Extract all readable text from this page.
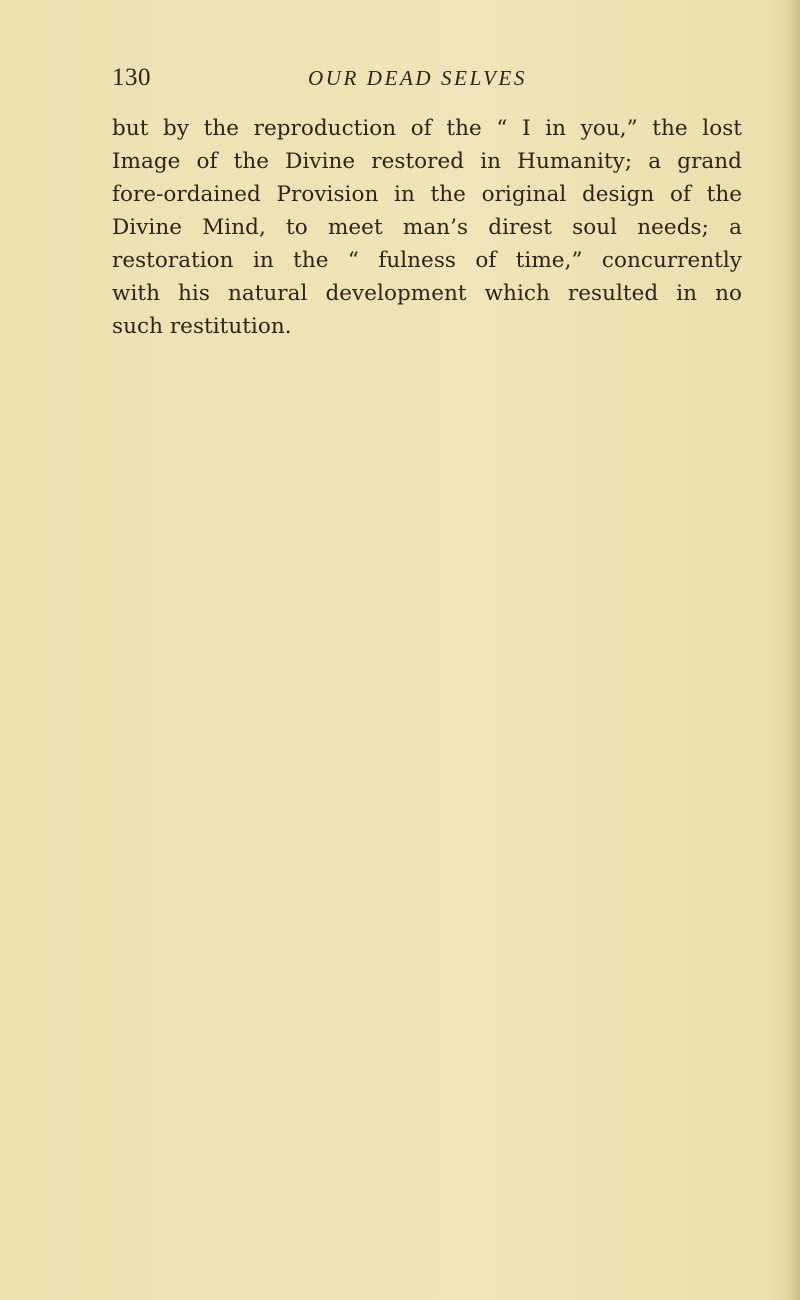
130	OUR DEAD SELVES
but by the reproduction of the “ I in you,” the lost
Image of the Divine restored in Humanity; a grand
fore-ordained Provision in the original design of the
Divine Mind, to meet man’s direst soul needs; a
restoration in the “ fulness of time,” concurrently
with his natural development which resulted in no
such restitution.
